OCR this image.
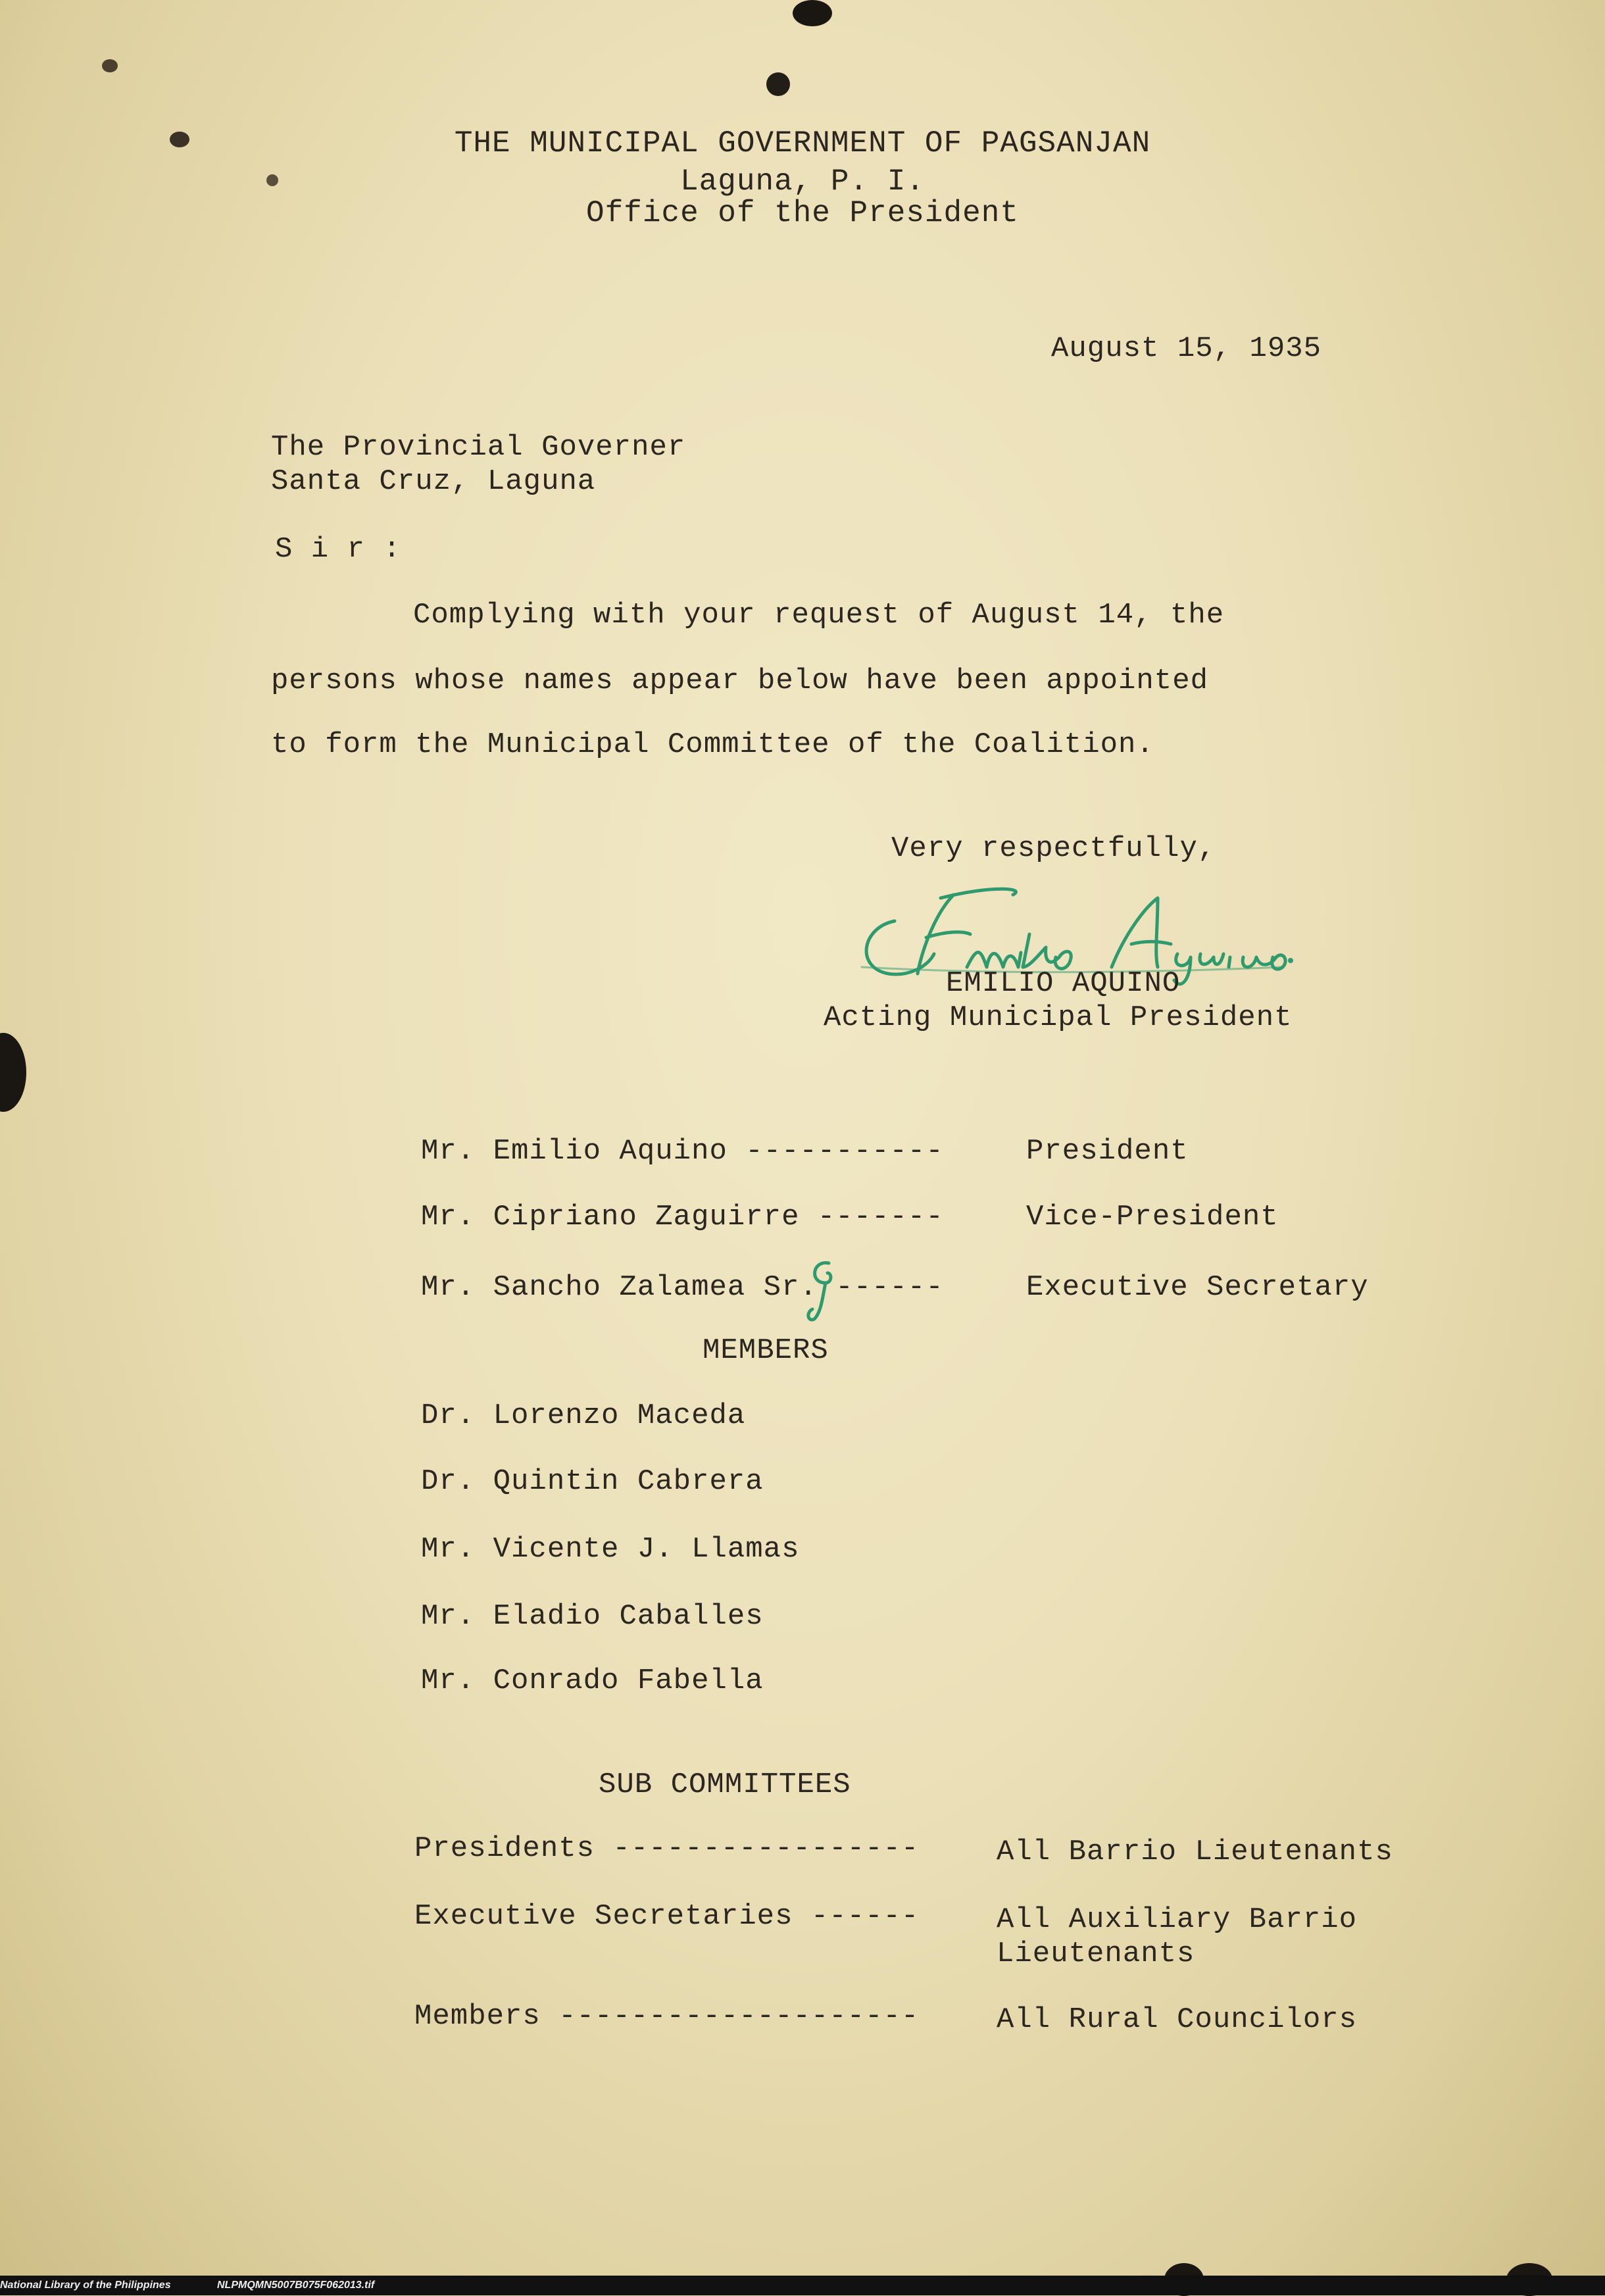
THE MUNICIPAL GOVERNMENT OF PAGSANJAN
Laguna, P. I.
Office of the President
August 15, 1935
The Provincial Governer
Santa Cruz, Laguna
S i r :
Complying with your request of August 14, the
persons whose names appear below have been appointed
to form the Municipal Committee of the Coalition.
Very respectfully,
EMILIO AQUINO
Acting Municipal President
Mr. Emilio Aquino -----------	President
Mr. Cipriano Zaguirre -------	Vice-President
Mr. Sancho Zalamea Sr. ------	Executive Secretary
MEMBERS
Dr. Lorenzo Maceda
Dr. Quintin Cabrera
Mr. Vicente J. Llamas
Mr. Eladio Caballes
Mr. Conrado Fabella
SUB COMMITTEES
Presidents -----------------	All Barrio Lieutenants
Executive Secretaries ------	All Auxiliary Barrio
Lieutenants
Members --------------------	All Rural Councilors
National Library of the Philippines	NLPMQMN5007B075F062013.tif
